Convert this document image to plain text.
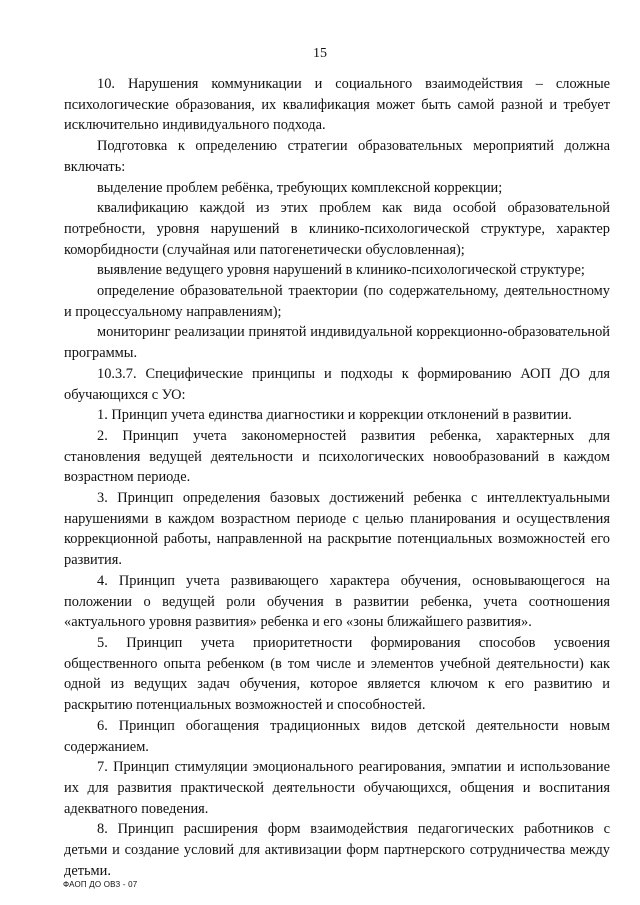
15

10. Нарушения коммуникации и социального взаимодействия – сложные психологические образования, их квалификация может быть самой разной и требует исключительно индивидуального подхода.

Подготовка к определению стратегии образовательных мероприятий должна включать:

выделение проблем ребёнка, требующих комплексной коррекции;

квалификацию каждой из этих проблем как вида особой образовательной потребности, уровня нарушений в клинико-психологической структуре, характер коморбидности (случайная или патогенетически обусловленная);

выявление ведущего уровня нарушений в клинико-психологической структуре;

определение образовательной траектории (по содержательному, деятельностному и процессуальному направлениям);

мониторинг реализации принятой индивидуальной коррекционно-образовательной программы.

10.3.7. Специфические принципы и подходы к формированию АОП ДО для обучающихся с УО:

1. Принцип учета единства диагностики и коррекции отклонений в развитии.

2. Принцип учета закономерностей развития ребенка, характерных для становления ведущей деятельности и психологических новообразований в каждом возрастном периоде.

3. Принцип определения базовых достижений ребенка с интеллектуальными нарушениями в каждом возрастном периоде с целью планирования и осуществления коррекционной работы, направленной на раскрытие потенциальных возможностей его развития.

4. Принцип учета развивающего характера обучения, основывающегося на положении о ведущей роли обучения в развитии ребенка, учета соотношения «актуального уровня развития» ребенка и его «зоны ближайшего развития».

5. Принцип учета приоритетности формирования способов усвоения общественного опыта ребенком (в том числе и элементов учебной деятельности) как одной из ведущих задач обучения, которое является ключом к его развитию и раскрытию потенциальных возможностей и способностей.

6. Принцип обогащения традиционных видов детской деятельности новым содержанием.

7. Принцип стимуляции эмоционального реагирования, эмпатии и использование их для развития практической деятельности обучающихся, общения и воспитания адекватного поведения.

8. Принцип расширения форм взаимодействия педагогических работников с детьми и создание условий для активизации форм партнерского сотрудничества между детьми.

ФАОП ДО ОВЗ - 07
